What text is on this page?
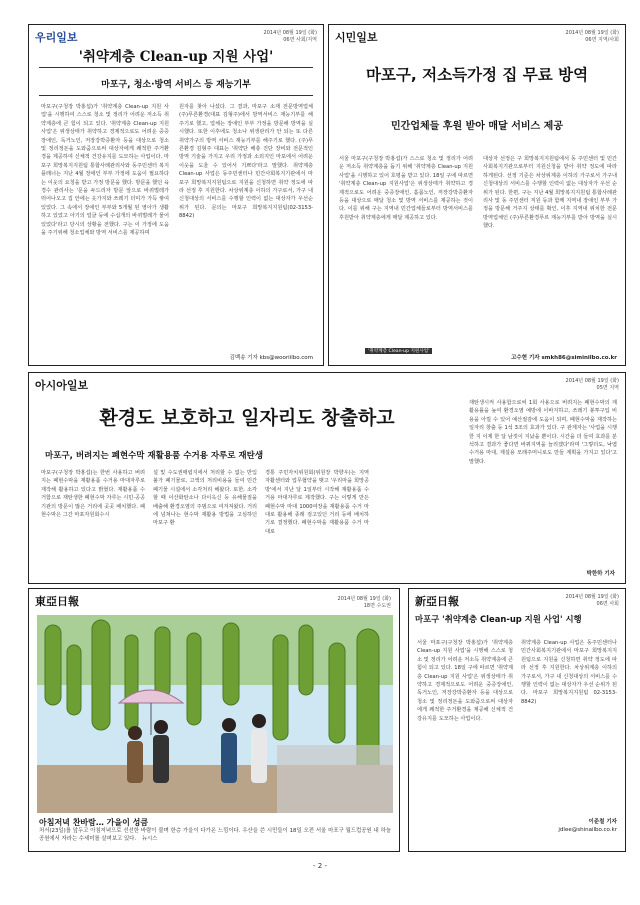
우리일보	2014년 08월 19일 (화)
06면 사회/지역
'취약계층 Clean-up 지원 사업'
마포구, 청소·방역 서비스 등 재능기부
마포구(구청장 박홍섭)가 '취약계층 Clean-up 지원 사업'을 시행하여 스스로 청소 및 정리가 어려운 저소득 취약계층에 큰 힘이 되고 있다. '취약계층 Clean-up 지원 사업'은 위생상태가 취약하고 경제적으로도 어려운 중증장애인, 독거노인, 저장강박증환자 등을 대상으로 청소 및 정리정돈을 도와줌으로써 대상자에게 쾌적한 주거환경을 제공하여 신체적 건강유지를 도모하는 사업이다. 마포구 희망복지지원팀 통합사례관리사와 동주민센터 복지플래너는 지난 4월 장애인 부부 가정에 도움이 필요하다는 이웃의 요청을 받고 가정 방문을 했다. 방문을 했던 육경수 관리사는 '문을 두드리자 방문 앞으로 바퀴벌레가 뛰어나오고 집 안에는 옷가지와 쓰레기 더미가 가득 쌓여 있었다. 그 속에서 장애인 부부와 5개월 된 영아가 생활하고 있었고 아기의 얼굴 등에 수십개의 바퀴벌레가 물어 있었다'라고 당시의 상황을 전했다. 구는 이 가정에 도움을 주기위해 청소업체와 방역 서비스를 제공하며
원자를 찾아 나섰다. 그 결과, 마포구 소재 전문방역업체 (주)푸른환경(대표 김형주)에서 방역서비스 재능기부를 해주기로 했고, 업체는 장애인 부부 가정을 방문해 방역을 실시했다. 또한 이후에도 청소나 위생관리가 안 되는 또 다른 취약가구의 방역 서비스 재능기부를 해주기로 했다. (주)푸른환경 김형주 대표는 '취약단 해충 진단 장비와 전문적인 방역 기술을 가지고 우리 가정과 소외지인 마포에서 어려운 이웃을 도울 수 있어서 기쁘다'라고 말했다. 취약계층 Clean-up 사업은 동주민센터나 민간사회복지기관에서 마포구 희망복지지원팀으로 지원을 신청하면 취약 정도에 따라 선정 후 지원한다. 차상위계층 이하의 가구로서, 가구 내 신청대상의 서비스를 수행할 인력이 없는 대상자가 우선순위가 된다. 문의는 마포구 희망복지지원팀(02-3153-8842)
김백송 기자 kbs@wooriilbo.com
시민일보	2014년 08월 19일 (화)
06면 지역/사회
마포구, 저소득가정 집 무료 방역
민간업체들 후원 받아 매달 서비스 제공
서울 마포구(구청장 박홍섭)가 스스로 청소 및 정리가 어려운 저소득 취약계층을 돕기 위해 '취약계층 Clean-up 지원사업'을 시행하고 있어 호평을 받고 있다. 18일 구에 따르면 '취약계층 Clean-up 지원사업'은 위생상태가 취약하고 경제적으로도 어려운 중증장애인, 홀몸노인, 저장강박증환자 등을 대상으로 매달 청소 및 방역 서비스를 제공하는 것이다. 이를 위해 구는 지역내 민간업체들로부터 방역서비스를 후원받아 취약계층에게 매달 제공하고 있다.
대상자 선정은 구 희망복지지원팀에서 동 주민센터 및 민간사회복지기관으로부터 지원신청을 받아 취약 정도에 따라 하게된다. 선정 기준은 차상위계층 이하의 가구로서 가구내 신청대상의 서비스를 수행할 인력이 없는 대상자가 우선 순위가 된다. 한편, 구는 지난 4월 희망복지지원팀 통합사례관리사 및 동 주민센터 직원 등과 함께 지역내 장애인 부부 가정을 방문해 거주지 상태를 확인, 이후 지역내 위치한 전문방역업체인 (주)푸른환경푸르 재능기부를 받아 방역을 실시했다.
'취약계층 Clean-up 지원사업'
고수현 기자 smkh86@siminilbo.co.kr
아시아일보	2014년 08월 19일 (화)
05면 지역
환경도 보호하고 일자리도 창출하고
마포구, 버려지는 폐현수막 재활용품 수거용 자루로 재탄생
마포구(구청장 박홍섭)는 한번 사용하고 버려지는 폐현수막을 재활용품 수거용 마대자루로 재작해 활용하고 있다고 밝혔다. 재활용품 수거함으로 재탄생한 폐현수막 자루는 시민·공공기관의 방문이 많은 거리에 곳곳 배치했다. 폐현수막은 그간 마포자원회수시
설 및 수도권매립지에서 처리할 수 없는 반입불가 폐기물로, 고액의 처리비용을 들여 민간폐기물 시설에서 소각처리 해왔다. 또한, 소각할 때 이산화탄소나 다이옥신 등 유해물질을 배출해 환경오염의 주범으로 여겨져왔다. 거리에 넘쳐나는 현수막 재활용 방법을 고심하던 마포구 환
경통 주민자치위원회(위원장 박향우)는 지역자활센터와 업무협약을 맺고 '우리마을 희망공방'에서 지난 달 1일부터 시작해 재활용품 수거용 마대자루로 제작했다. 구는 이렇게 만든 폐현수막 마대 1000여장을 재활용품 수거 마대로 활용해 종래 검고있던 거리 등에 배치하기로 결정했다. 폐현수막을 재활용품 수거 마대로
재탄생시켜 사용함으로써 1회 사용으로 버려지는 폐현수막의 재활용률을 높여 환경오염 예방에 이바지하고, 쓰레기 봉투구입 비용을 아낄 수 있어 예산절감에 도움이 되며, 폐현수막을 재작하는 일자리 창출 등 1석 3조의 효과가 있다. 구 관계자는 '사업을 시행한 지 이제 한 달 남짓이 지났을 뿐이다. 시간을 더 들여 효과를 분석하고 결과가 좋다면 바꿔지역을 늘리겠다'라며 '그렇더도, 낙엽수거용 마대, 제설용 모래주머니로도 만들 계획을 가지고 있다'고 말했다.
박한하 기자
東亞日報	2014년 08월 19일 (화)
18면 수도권
아침저녁 찬바람… 가을이 성큼
처서(23일)를 앞두고 아침저녁으로 선선한 바람이 불며 한층 가을이 다가온 느낌이다. 우산을 쓴 시민들이 18일 오전 서울 마포구 월드컵공원 내 하늘공원에서 자라는 수세미를 살펴보고 있다. 뉴시스
新亞日報	2014년 08월 19일 (화)
06면 사회
마포구 '취약계층 Clean-up 지원 사업' 시행
서울 마포구(구청장 박홍섭)가 '취약계층 Clean-up 지원 사업'을 시행해 스스로 청소 및 정리가 어려운 저소득 취약계층에 큰 힘이 되고 있다. 18일 구에 따르면 '취약계층 Clean-up 지원 사업'은 위생상태가 취약하고 경제적으로도 어려운 중증장애인, 독거노인, 저장강박증환자 등을 대상으로 청소 및 정리정돈을 도와줌으로써 대상자에게 쾌적한 주거환경을 제공해 신체적 건강유지를 도모하는 사업이다.
취약계층 Clean-up 사업은 동주민센터나 민간사회복지기관에서 마포구 희망복지지원팀으로 지원을 신청하면 취약 정도에 따라 선정 후 지원한다. 차상위계층 이하의 가구로서, 가구 내 신청대상의 서비스를 수행할 인력이 없는 대상자가 우선 순위가 된다. 마포구 희망복지지원팀 02-3153-8842)
이준철 기자
jdlee@shinailbo.co.kr
- 2 -
